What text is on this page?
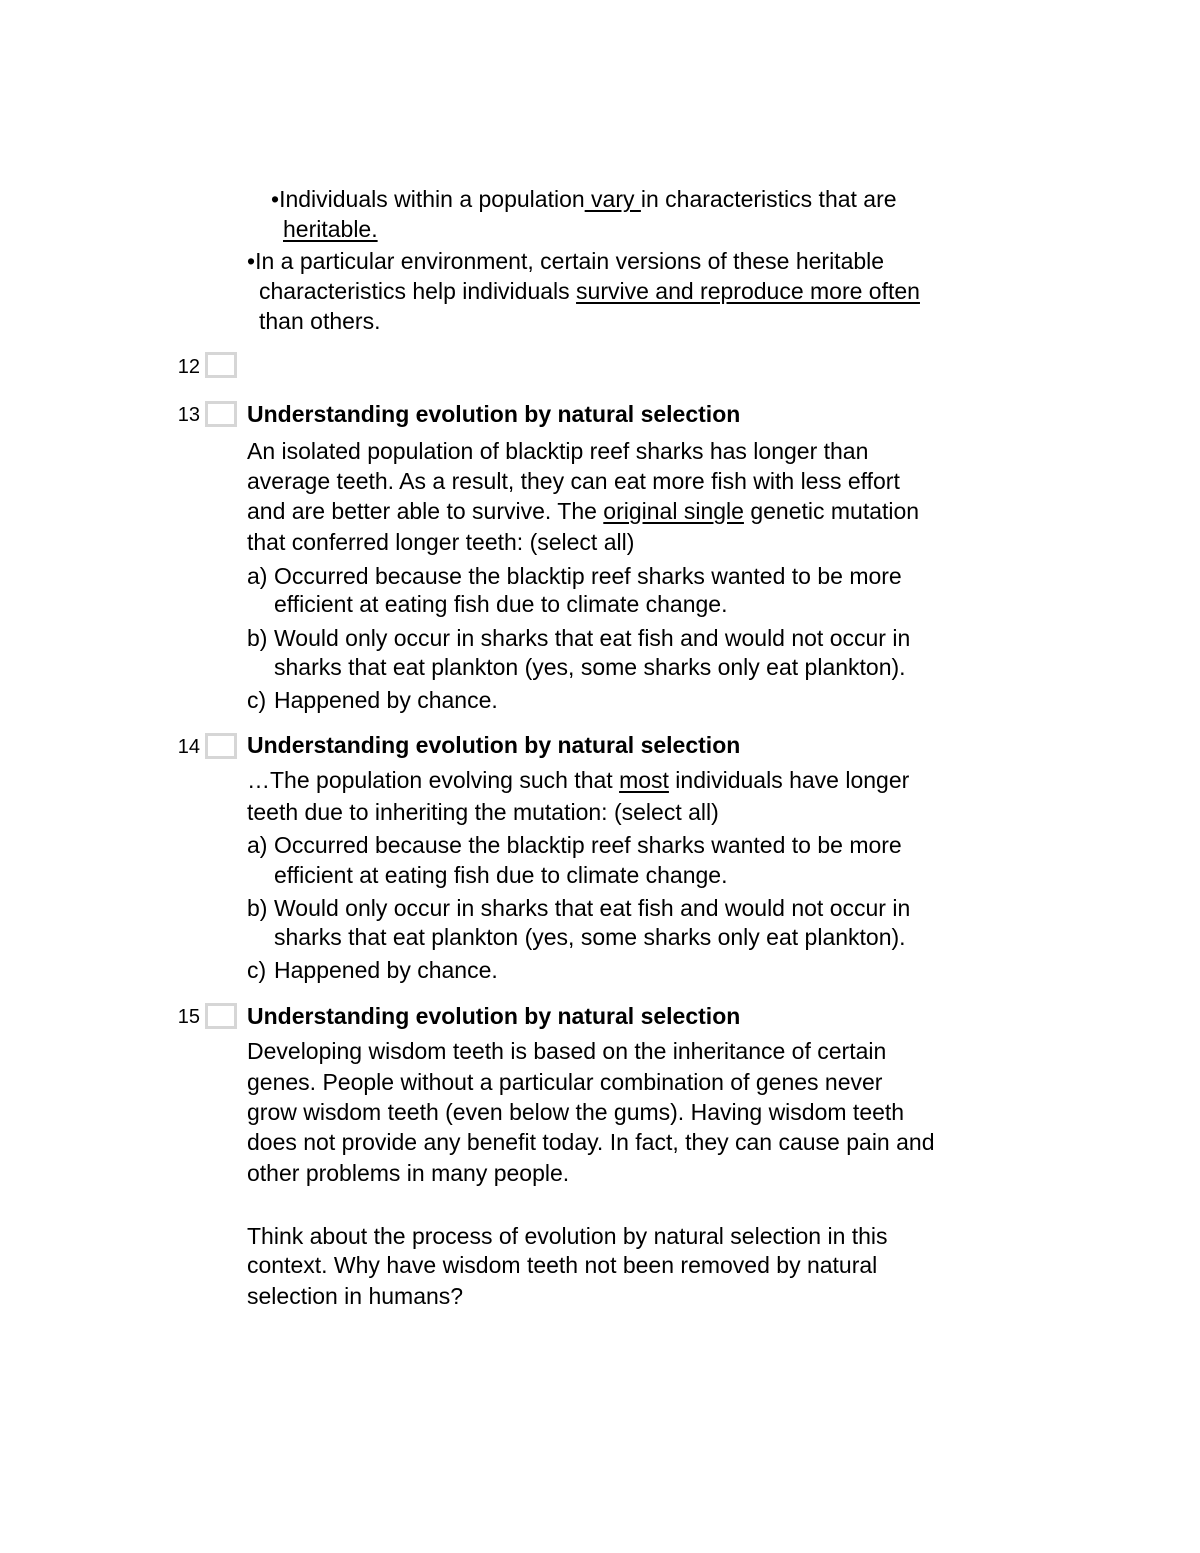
•Individuals within a population vary in characteristics that are
heritable.
•In a particular environment, certain versions of these heritable
characteristics help individuals survive and reproduce more often
than others.
12
13 Understanding evolution by natural selection
An isolated population of blacktip reef sharks has longer than
average teeth. As a result, they can eat more fish with less effort
and are better able to survive. The original single genetic mutation
that conferred longer teeth: (select all)
a) Occurred because the blacktip reef sharks wanted to be more
efficient at eating fish due to climate change.
b) Would only occur in sharks that eat fish and would not occur in
sharks that eat plankton (yes, some sharks only eat plankton).
c) Happened by chance.
14 Understanding evolution by natural selection
…The population evolving such that most individuals have longer
teeth due to inheriting the mutation: (select all)
a) Occurred because the blacktip reef sharks wanted to be more
efficient at eating fish due to climate change.
b) Would only occur in sharks that eat fish and would not occur in
sharks that eat plankton (yes, some sharks only eat plankton).
c) Happened by chance.
15 Understanding evolution by natural selection
Developing wisdom teeth is based on the inheritance of certain
genes. People without a particular combination of genes never
grow wisdom teeth (even below the gums). Having wisdom teeth
does not provide any benefit today. In fact, they can cause pain and
other problems in many people.
Think about the process of evolution by natural selection in this
context. Why have wisdom teeth not been removed by natural
selection in humans?
